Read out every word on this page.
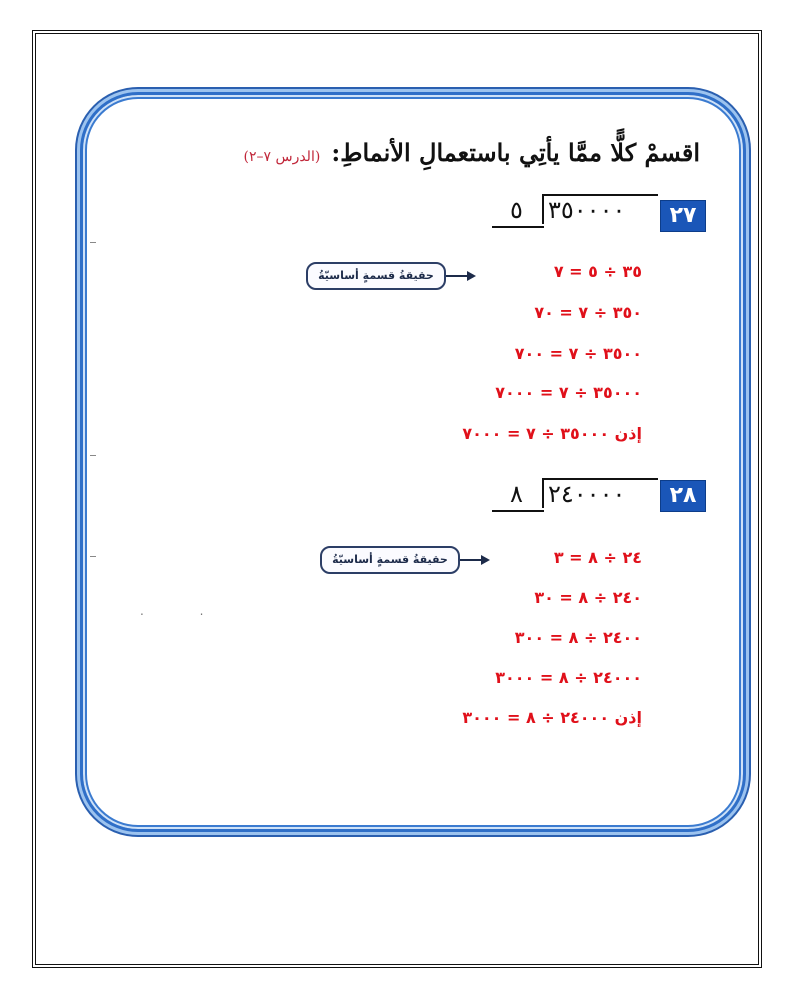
اقسمْ كلًّا ممَّا يأتِي باستعمالِ الأنماطِ: (الدرس ٧–٢)
٢٧
٥ ٣٥٠٠٠٠
حقيقةُ قسمةٍ أساسيّةُ	٣٥ ÷ ٥ = ٧
٣٥٠ ÷ ٧ = ٧٠
٣٥٠٠ ÷ ٧ = ٧٠٠
٣٥٠٠٠ ÷ ٧ = ٧٠٠٠
إذن ٣٥٠٠٠ ÷ ٧ = ٧٠٠٠
٢٨
٨ ٢٤٠٠٠٠
حقيقةُ قسمةٍ أساسيّةُ	٢٤ ÷ ٨ = ٣
٢٤٠ ÷ ٨ = ٣٠
٢٤٠٠ ÷ ٨ = ٣٠٠
٢٤٠٠٠ ÷ ٨ = ٣٠٠٠
إذن ٢٤٠٠٠ ÷ ٨ = ٣٠٠٠
. .
